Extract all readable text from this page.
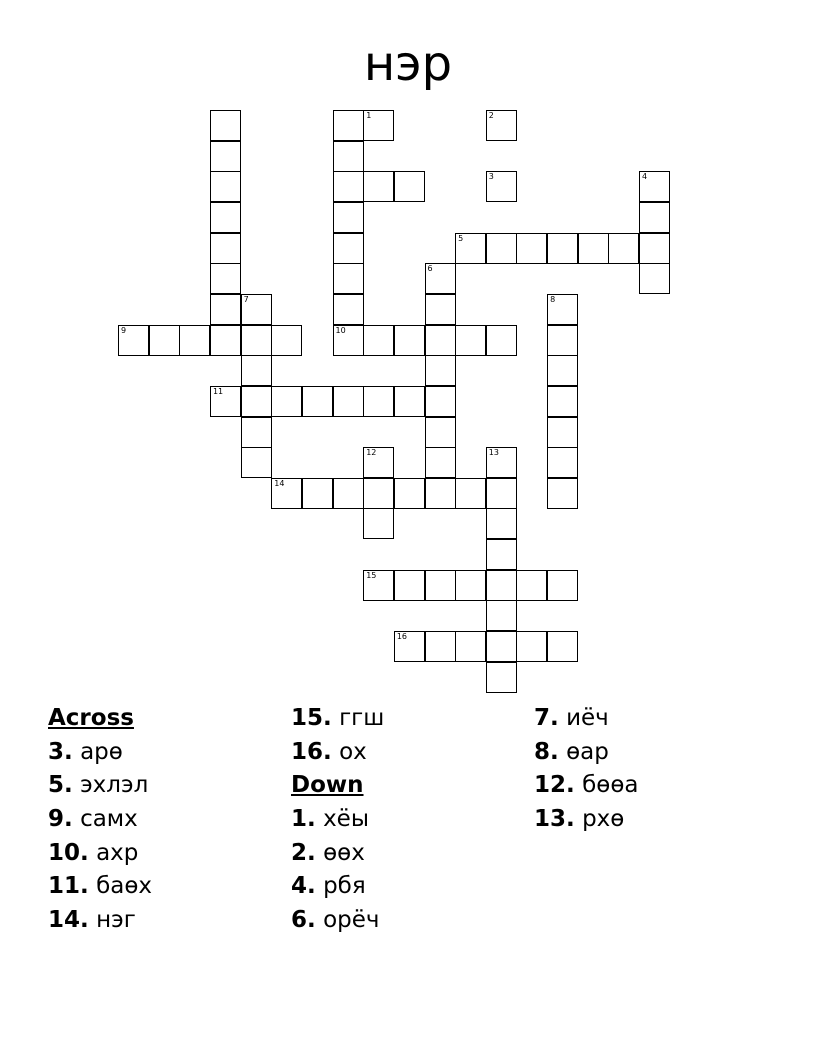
нэр
4
5
6
9
7	8
10
11
14
12	13
15
16
1	2
3
Across
3. арө
5. эхлэл
9. самх
10. ахр
11. баөх
14. нэг
15. ггш
16. ох
Down
1. хёы
2. өөх
4. рбя
6. орёч
7. иёч
8. өар
12. бөөа
13. рхө
